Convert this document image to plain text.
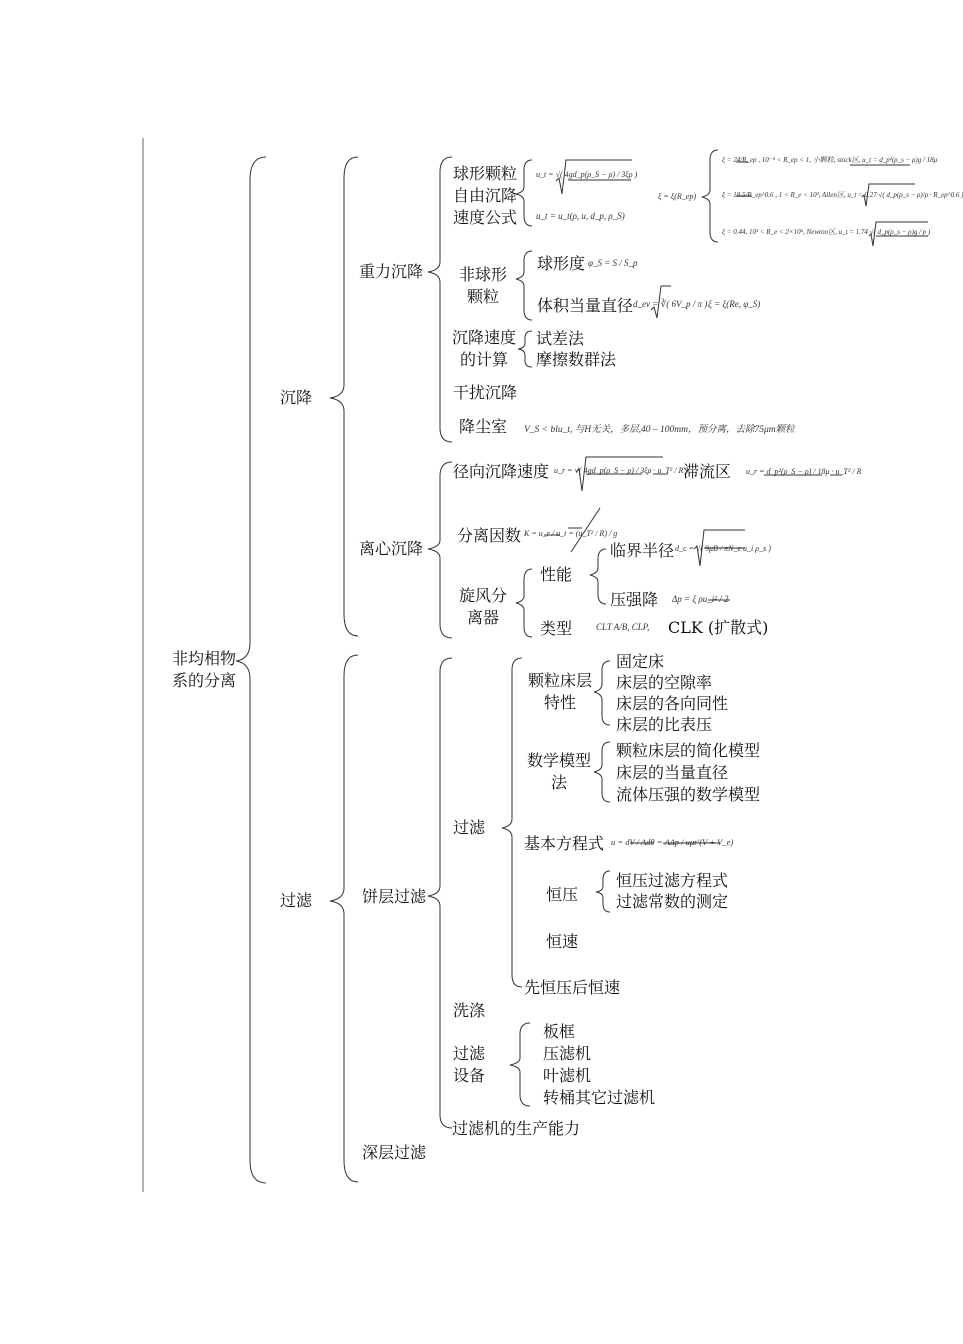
非均相物系的分离
沉降
过滤
重力沉降
离心沉降
饼层过滤
深层过滤
球形颗粒自由沉降速度公式
u_t = √( 4gd_p(ρ_S − ρ) / 3ξρ )
u_t = u_t(ρ, u, d_p, ρ_S)
ξ = ξ(R_ep)
ξ = 24/R_ep , 10⁻⁴ < R_ep < 1, 小颗粒, stock区, u_t = d_p²(ρ_s − ρ)g / 18μ
ξ = 18.5/R_ep^0.6 , 1 < R_e < 10³, Allen区, u_t = 0.27 √( d_p(ρ_s − ρ)/ρ · R_ep^0.6 )
ξ = 0.44, 10³ < R_e < 2×10⁵, Newton区, u_t = 1.74 √( d_p(ρ_s − ρ)g / ρ )
非球形颗粒
球形度 φ_S = S / S_p
体积当量直径 d_ev = ∛( 6V_p / π ) ξ = ξ(Re, φ_S)
沉降速度的计算
试差法
摩擦数群法
干扰沉降
降尘室 V_S < blu_t, 与H无关，多层,40 – 100mm，预分离，去除75μm颗粒
径向沉降速度 u_r = √( 4gd_p(ρ_S − ρ) / 3ξρ · u_T² / R )
滞流区 u_r = d_p²(ρ_S − ρ) / 18μ · u_T² / R
分离因数 K = u_r / u_t = (u_T² / R) / g
旋风分离器
性能
临界半径 d_c = √( 9μB / πN_e u_i ρ_s )
压强降 Δp = ξ ρu_i² / 2
类型	CLT A/B, CLP, CLK (扩散式)
过滤
颗粒床层特性
固定床
床层的空隙率
床层的各向同性
床层的比表压
数学模型法
颗粒床层的简化模型
床层的当量直径
流体压强的数学模型
基本方程式 u = dV / Adθ = AΔp / uμr′(V + V_e)
恒压
恒压过滤方程式
过滤常数的测定
恒速
先恒压后恒速
洗涤
过滤设备
板框
压滤机
叶滤机
转桶其它过滤机
过滤机的生产能力
